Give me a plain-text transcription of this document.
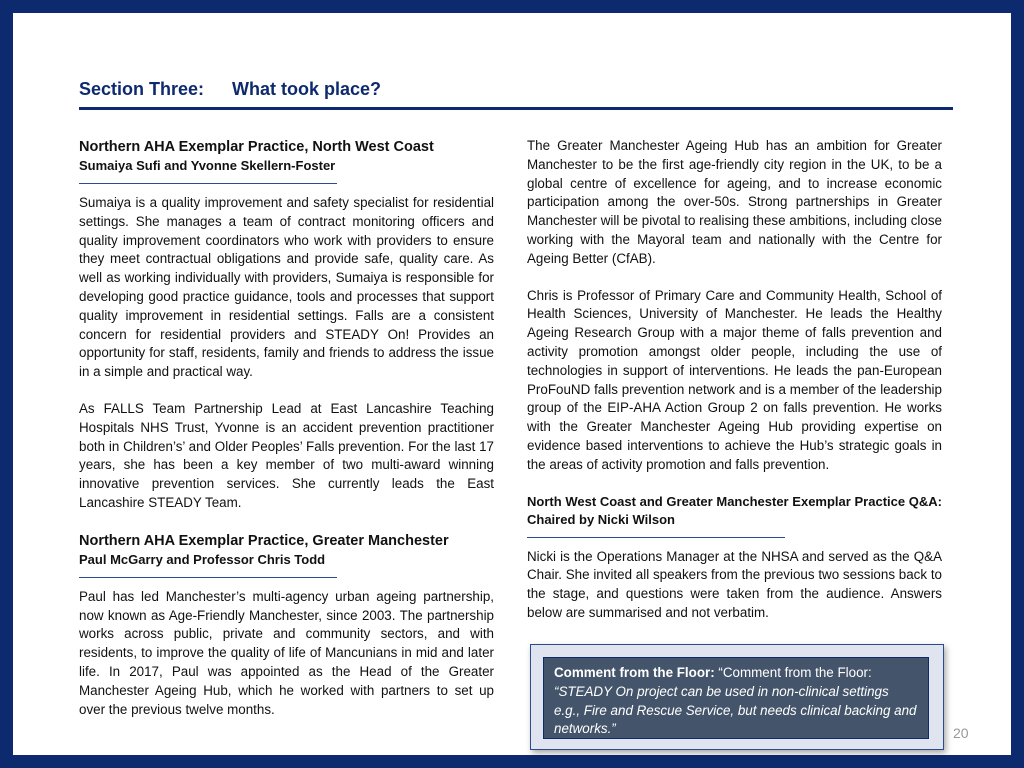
Section Three: What took place?

Northern AHA Exemplar Practice, North West Coast

Sumaiya Sufi and Yvonne Skellern-Foster

Sumaiya is a quality improvement and safety specialist for residential settings. She manages a team of contract monitoring officers and quality improvement coordinators who work with providers to ensure they meet contractual obligations and provide safe, quality care. As well as working individually with providers, Sumaiya is responsible for developing good practice guidance, tools and processes that support quality improvement in residential settings. Falls are a consistent concern for residential providers and STEADY On! Provides an opportunity for staff, residents, family and friends to address the issue in a simple and practical way.

As FALLS Team Partnership Lead at East Lancashire Teaching Hospitals NHS Trust, Yvonne is an accident prevention practitioner both in Children’s’ and Older Peoples’ Falls prevention. For the last 17 years, she has been a key member of two multi-award winning innovative prevention services. She currently leads the East Lancashire STEADY Team.

Northern AHA Exemplar Practice, Greater Manchester

Paul McGarry and Professor Chris Todd

Paul has led Manchester’s multi-agency urban ageing partnership, now known as Age-Friendly Manchester, since 2003. The partnership works across public, private and community sectors, and with residents, to improve the quality of life of Mancunians in mid and later life. In 2017, Paul was appointed as the Head of the Greater Manchester Ageing Hub, which he worked with partners to set up over the previous twelve months.

The Greater Manchester Ageing Hub has an ambition for Greater Manchester to be the first age-friendly city region in the UK, to be a global centre of excellence for ageing, and to increase economic participation among the over-50s. Strong partnerships in Greater Manchester will be pivotal to realising these ambitions, including close working with the Mayoral team and nationally with the Centre for Ageing Better (CfAB).

Chris is Professor of Primary Care and Community Health, School of Health Sciences, University of Manchester. He leads the Healthy Ageing Research Group with a major theme of falls prevention and activity promotion amongst older people, including the use of technologies in support of interventions. He leads the pan-European ProFouND falls prevention network and is a member of the leadership group of the EIP-AHA Action Group 2 on falls prevention. He works with the Greater Manchester Ageing Hub providing expertise on evidence based interventions to achieve the Hub’s strategic goals in the areas of activity promotion and falls prevention.

North West Coast and Greater Manchester Exemplar Practice Q&A: Chaired by Nicki Wilson

Nicki is the Operations Manager at the NHSA and served as the Q&A Chair. She invited all speakers from the previous two sessions back to the stage, and questions were taken from the audience. Answers below are summarised and not verbatim.

Comment from the Floor: “Comment from the Floor: “STEADY On project can be used in non-clinical settings e.g., Fire and Rescue Service, but needs clinical backing and networks.”	20
